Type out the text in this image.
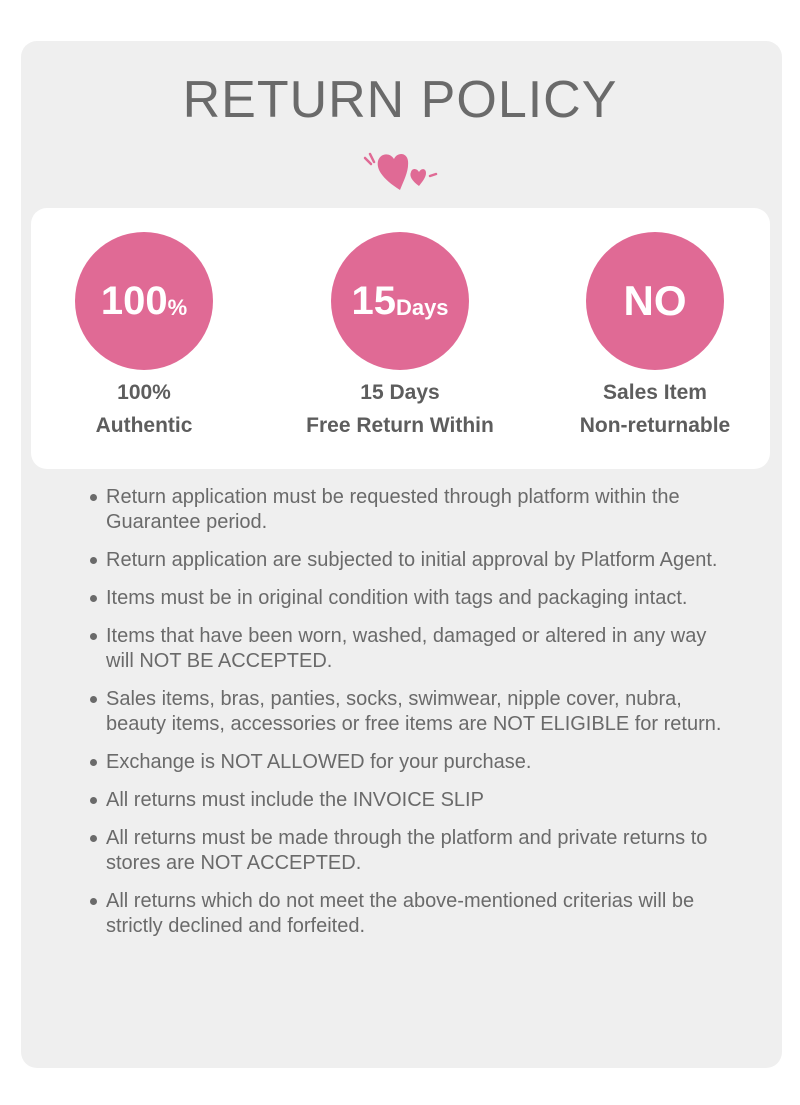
RETURN POLICY
100 %
100%
Authentic
15 Days
15 Days
Free Return Within
NO
Sales Item
Non-returnable
Return application must be requested through platform within the Guarantee period.
Return application are subjected to initial approval by Platform Agent.
Items must be in original condition with tags and packaging intact.
Items that have been worn, washed, damaged or altered in any way will NOT BE ACCEPTED.
Sales items, bras, panties, socks, swimwear, nipple cover, nubra, beauty items, accessories or free items are NOT ELIGIBLE for return.
Exchange is NOT ALLOWED for your purchase.
All returns must include the INVOICE SLIP
All returns must be made through the platform and private returns to stores are NOT ACCEPTED.
All returns which do not meet the above-mentioned criterias will be strictly declined and forfeited.
